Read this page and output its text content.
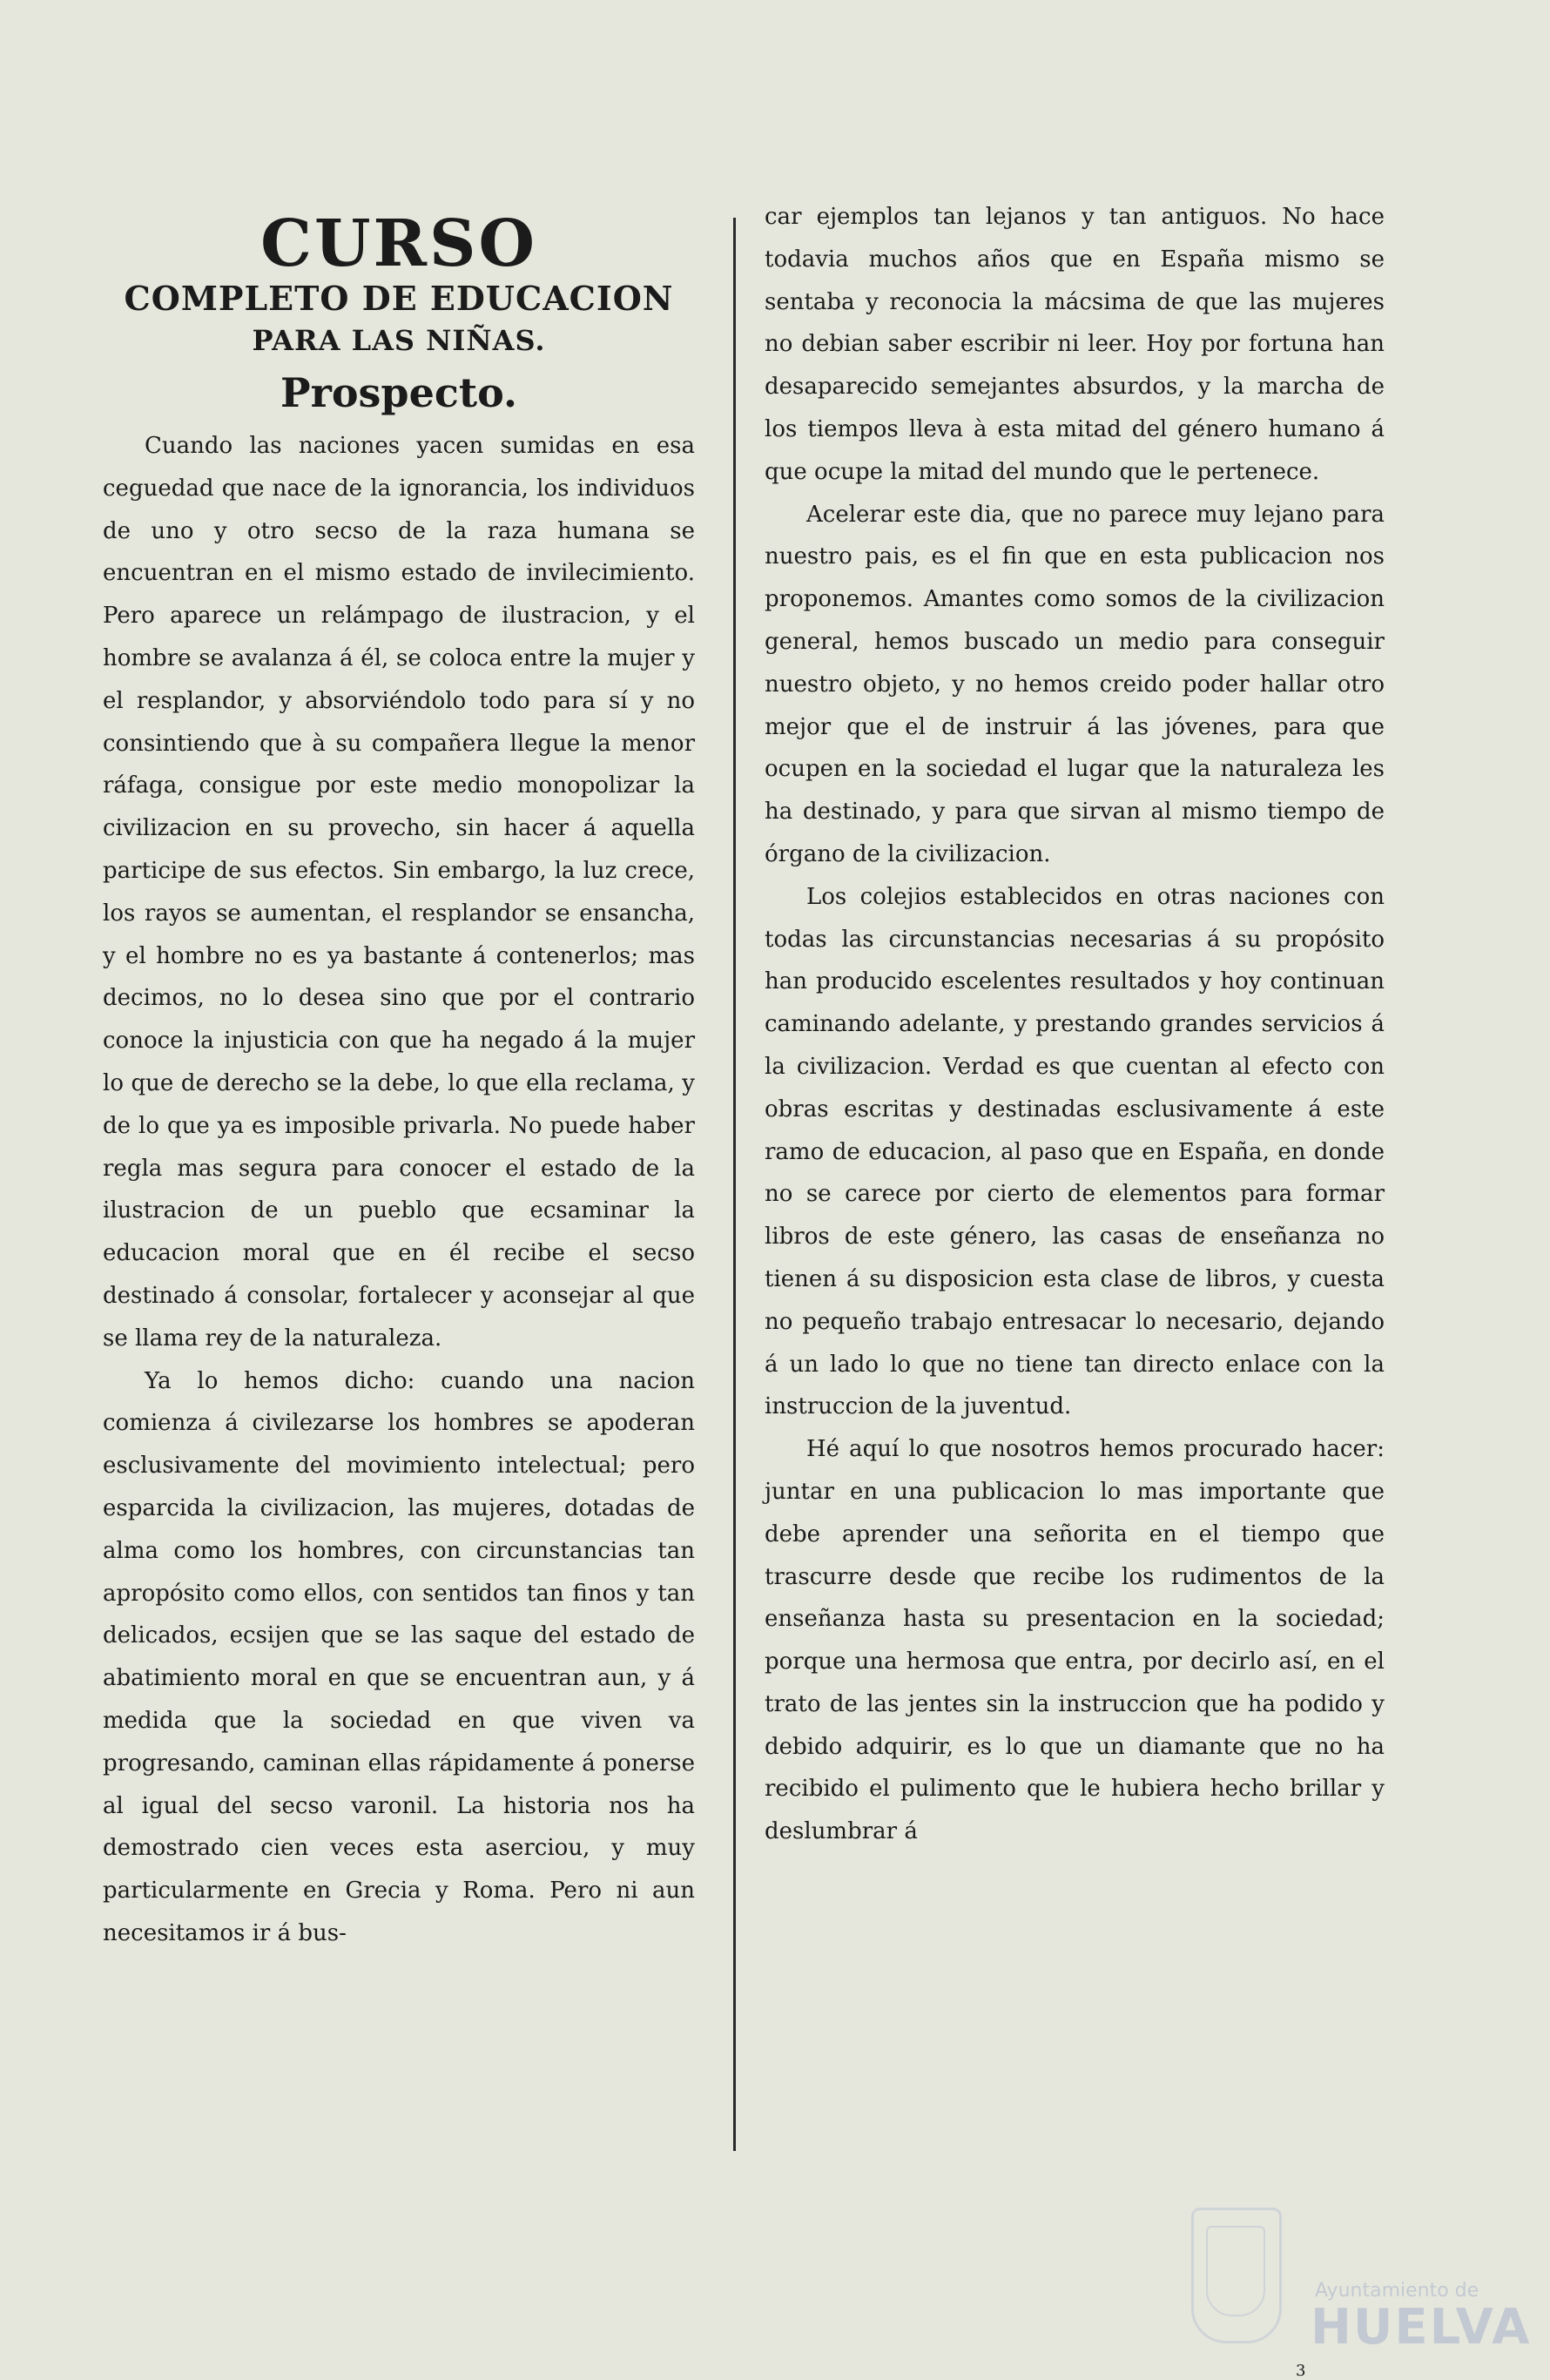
CURSO
COMPLETO DE EDUCACION
PARA LAS NIÑAS.
Prospecto.

Cuando las naciones yacen sumidas en esa ceguedad que nace de la ignorancia, los individuos de uno y otro secso de la raza humana se encuentran en el mismo estado de invilecimiento. Pero aparece un relámpago de ilustracion, y el hombre se avalanza á él, se coloca entre la mujer y el resplandor, y absorviéndolo todo para sí y no consintiendo que à su compañera llegue la menor ráfaga, consigue por este medio monopolizar la civilizacion en su provecho, sin hacer á aquella participe de sus efectos. Sin embargo, la luz crece, los rayos se aumentan, el resplandor se ensancha, y el hombre no es ya bastante á contenerlos; mas decimos, no lo desea sino que por el contrario conoce la injusticia con que ha negado á la mujer lo que de derecho se la debe, lo que ella reclama, y de lo que ya es imposible privarla. No puede haber regla mas segura para conocer el estado de la ilustracion de un pueblo que ecsaminar la educacion moral que en él recibe el secso destinado á consolar, fortalecer y aconsejar al que se llama rey de la naturaleza.

Ya lo hemos dicho: cuando una nacion comienza á civilezarse los hombres se apoderan esclusivamente del movimiento intelectual; pero esparcida la civilizacion, las mujeres, dotadas de alma como los hombres, con circunstancias tan apropósito como ellos, con sentidos tan finos y tan delicados, ecsijen que se las saque del estado de abatimiento moral en que se encuentran aun, y á medida que la sociedad en que viven va progresando, caminan ellas rápidamente á ponerse al igual del secso varonil. La historia nos ha demostrado cien veces esta aserciou, y muy particularmente en Grecia y Roma. Pero ni aun necesitamos ir á bus-

car ejemplos tan lejanos y tan antiguos. No hace todavia muchos años que en España mismo se sentaba y reconocia la mácsima de que las mujeres no debian saber escribir ni leer. Hoy por fortuna han desaparecido semejantes absurdos, y la marcha de los tiempos lleva à esta mitad del género humano á que ocupe la mitad del mundo que le pertenece.

Acelerar este dia, que no parece muy lejano para nuestro pais, es el fin que en esta publicacion nos proponemos. Amantes como somos de la civilizacion general, hemos buscado un medio para conseguir nuestro objeto, y no hemos creido poder hallar otro mejor que el de instruir á las jóvenes, para que ocupen en la sociedad el lugar que la naturaleza les ha destinado, y para que sirvan al mismo tiempo de órgano de la civilizacion.

Los colejios establecidos en otras naciones con todas las circunstancias necesarias á su propósito han producido escelentes resultados y hoy continuan caminando adelante, y prestando grandes servicios á la civilizacion. Verdad es que cuentan al efecto con obras escritas y destinadas esclusivamente á este ramo de educacion, al paso que en España, en donde no se carece por cierto de elementos para formar libros de este género, las casas de enseñanza no tienen á su disposicion esta clase de libros, y cuesta no pequeño trabajo entresacar lo necesario, dejando á un lado lo que no tiene tan directo enlace con la instruccion de la juventud.

Hé aquí lo que nosotros hemos procurado hacer: juntar en una publicacion lo mas importante que debe aprender una señorita en el tiempo que trascurre desde que recibe los rudimentos de la enseñanza hasta su presentacion en la sociedad; porque una hermosa que entra, por decirlo así, en el trato de las jentes sin la instruccion que ha podido y debido adquirir, es lo que un diamante que no ha recibido el pulimento que le hubiera hecho brillar y deslumbrar á

Ayuntamiento de
HUELVA
3
